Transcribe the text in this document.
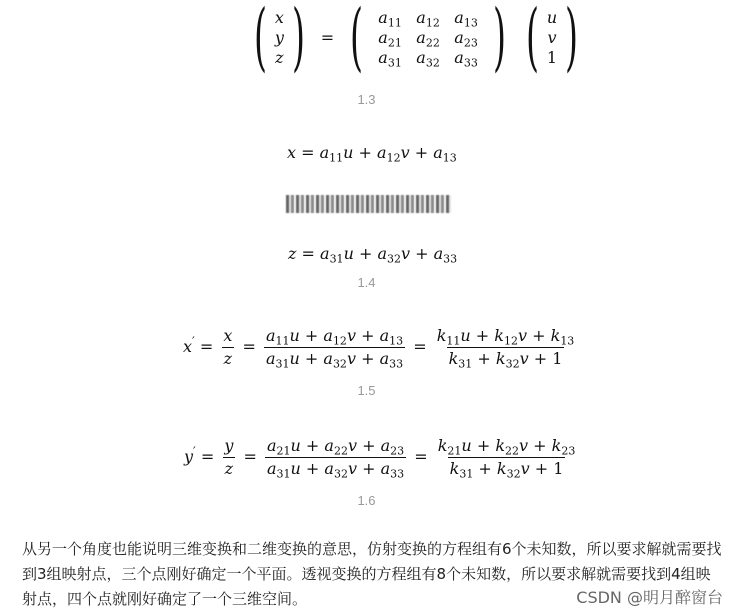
( x
y
z ) = ( $a_{11}$ $a_{12}$ $a_{13}$
$a_{21}$ $a_{22}$ $a_{23}$
$a_{31}$ $a_{32}$ $a_{33}$ ) ( u
v
1 )
1.3
$x = a_{11}u + a_{12}v + a_{13}$
$z = a_{31}u + a_{32}v + a_{33}$
1.4
$x' = \frac{x}{z} = \frac{a_{11}u + a_{12}v + a_{13}}{a_{31}u + a_{32}v + a_{33}} = \frac{k_{11}u + k_{12}v + k_{13}}{k_{31} + k_{32}v + 1}$
1.5
$y' = \frac{y}{z} = \frac{a_{21}u + a_{22}v + a_{23}}{a_{31}u + a_{32}v + a_{33}} = \frac{k_{21}u + k_{22}v + k_{23}}{k_{31} + k_{32}v + 1}$
1.6
从另一个角度也能说明三维变换和二维变换的意思，仿射变换的方程组有6个未知数，所以要求解就需要找到3组映射点，三个点刚好确定一个平面。透视变换的方程组有8个未知数，所以要求解就需要找到4组映射点，四个点就刚好确定了一个三维空间。	CSDN @明月醉窗台
